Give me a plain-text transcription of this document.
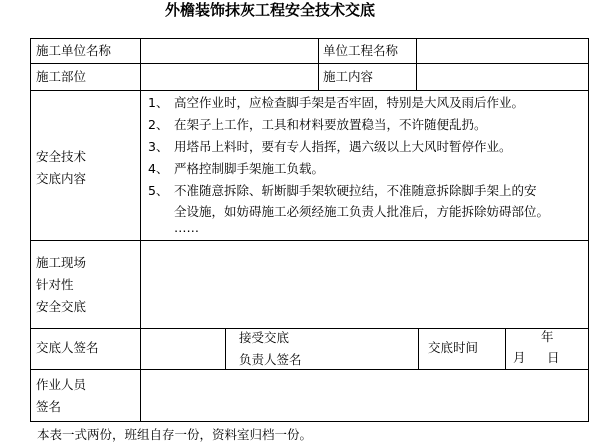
外檐装饰抹灰工程安全技术交底
施工单位名称	单位工程名称
施工部位	施工内容
安全技术
交底内容
1、 高空作业时，应检查脚手架是否牢固，特别是大风及雨后作业。
2、 在架子上工作，工具和材料要放置稳当，不许随便乱扔。
3、 用塔吊上料时，要有专人指挥，遇六级以上大风时暂停作业。
4、 严格控制脚手架施工负载。
5、 不准随意拆除、斩断脚手架软硬拉结，不准随意拆除脚手架上的安
全设施，如妨碍施工必须经施工负责人批准后，方能拆除妨碍部位。
……
施工现场
针对性
安全交底
交底人签名
接受交底
负责人签名
交底时间
年
月 日
作业人员
签名
本表一式两份，班组自存一份，资料室归档一份。
